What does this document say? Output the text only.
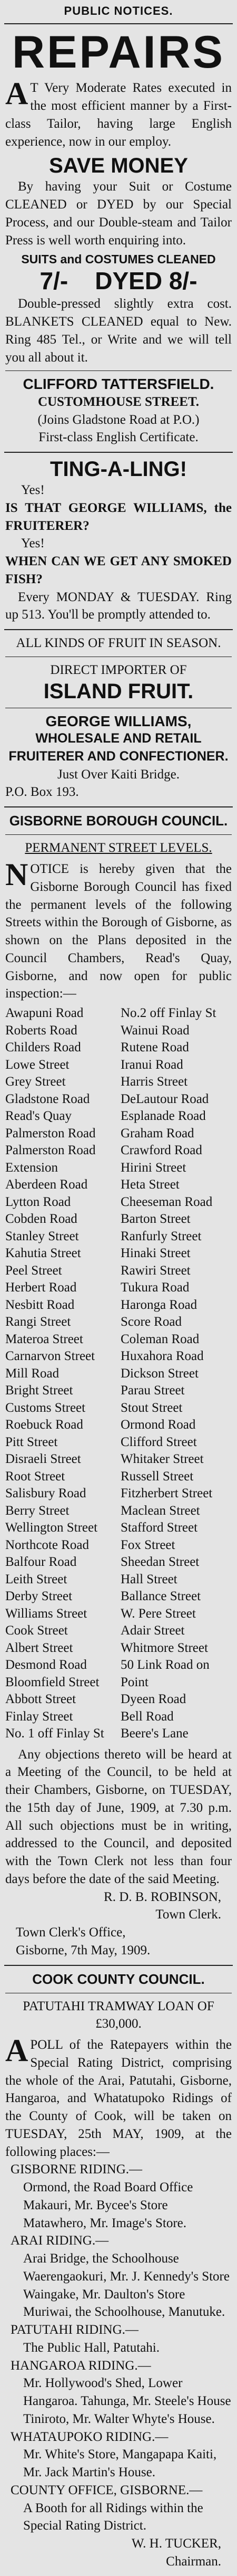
PUBLIC NOTICES.
REPAIRS
A T Very Moderate Rates executed in the most efficient manner by a First-class Tailor, having large English experience, now in our employ.
SAVE MONEY
By having your Suit or Costume CLEANED or DYED by our Special Process, and our Double-steam and Tailor Press is well worth enquiring into.
SUITS and COSTUMES CLEANED
7/- DYED 8/-
Double-pressed slightly extra cost. BLANKETS CLEANED equal to New. Ring 485 Tel., or Write and we will tell you all about it.
CLIFFORD TATTERSFIELD.
CUSTOMHOUSE STREET.
(Joins Gladstone Road at P.O.)
First-class English Certificate.
TING-A-LING!
Yes!
IS THAT GEORGE WILLIAMS, the FRUITERER?
Yes!
WHEN CAN WE GET ANY SMOKED FISH?
Every MONDAY & TUESDAY. Ring up 513. You'll be promptly attended to.
ALL KINDS OF FRUIT IN SEASON.
DIRECT IMPORTER OF
ISLAND FRUIT.
GEORGE WILLIAMS,
WHOLESALE AND RETAIL FRUITERER AND CONFECTIONER.
Just Over Kaiti Bridge.
P.O. Box 193.
GISBORNE BOROUGH COUNCIL.
PERMANENT STREET LEVELS.
N OTICE is hereby given that the Gisborne Borough Council has fixed the permanent levels of the following Streets within the Borough of Gisborne, as shown on the Plans deposited in the Council Chambers, Read's Quay, Gisborne, and now open for public inspection:—
Awapuni Road
Roberts Road
Childers Road
Lowe Street
Grey Street
Gladstone Road
Read's Quay
Palmerston Road
Palmerston Road
Extension
Aberdeen Road
Lytton Road
Cobden Road
Stanley Street
Kahutia Street
Peel Street
Herbert Road
Nesbitt Road
Rangi Street
Materoa Street
Carnarvon Street
Mill Road
Bright Street
Customs Street
Roebuck Road
Pitt Street
Disraeli Street
Root Street
Salisbury Road
Berry Street
Wellington Street
Northcote Road
Balfour Road
Leith Street
Derby Street
Williams Street
Cook Street
Albert Street
Desmond Road
Bloomfield Street
Abbott Street
Finlay Street
No. 1 off Finlay St
No.2 off Finlay St
Wainui Road
Rutene Road
Iranui Road
Harris Street
DeLautour Road
Esplanade Road
Graham Road
Crawford Road
Hirini Street
Heta Street
Cheeseman Road
Barton Street
Ranfurly Street
Hinaki Street
Rawiri Street
Tukura Road
Haronga Road
Score Road
Coleman Road
Huxahora Road
Dickson Street
Parau Street
Stout Street
Ormond Road
Clifford Street
Whitaker Street
Russell Street
Fitzherbert Street
Maclean Street
Stafford Street
Fox Street
Sheedan Street
Hall Street
Ballance Street
W. Pere Street
Adair Street
Whitmore Street
50 Link Road on
Point
Dyeen Road
Bell Road
Beere's Lane
Any objections thereto will be heard at a Meeting of the Council, to be held at their Chambers, Gisborne, on TUESDAY, the 15th day of June, 1909, at 7.30 p.m. All such objections must be in writing, addressed to the Council, and deposited with the Town Clerk not less than four days before the date of the said Meeting.
R. D. B. ROBINSON,
Town Clerk.
Town Clerk's Office,
Gisborne, 7th May, 1909.
COOK COUNTY COUNCIL.
PATUTAHI TRAMWAY LOAN OF £30,000.
A POLL of the Ratepayers within the Special Rating District, comprising the whole of the Arai, Patutahi, Gisborne, Hangaroa, and Whatatupoko Ridings of the County of Cook, will be taken on TUESDAY, 25th MAY, 1909, at the following places:—
GISBORNE RIDING.—
Ormond, the Road Board Office Makauri, Mr. Bycee's Store Matawhero, Mr. Image's Store.
ARAI RIDING.—
Arai Bridge, the Schoolhouse Waerengaokuri, Mr. J. Kennedy's Store Waingake, Mr. Daulton's Store Muriwai, the Schoolhouse, Manutuke.
PATUTAHI RIDING.—
The Public Hall, Patutahi.
HANGAROA RIDING.—
Mr. Hollywood's Shed, Lower Hangaroa. Tahunga, Mr. Steele's House Tiniroto, Mr. Walter Whyte's House.
WHATAUPOKO RIDING.—
Mr. White's Store, Mangapapa Kaiti, Mr. Jack Martin's House.
COUNTY OFFICE, GISBORNE.—
A Booth for all Ridings within the Special Rating District.
W. H. TUCKER,
Chairman.
